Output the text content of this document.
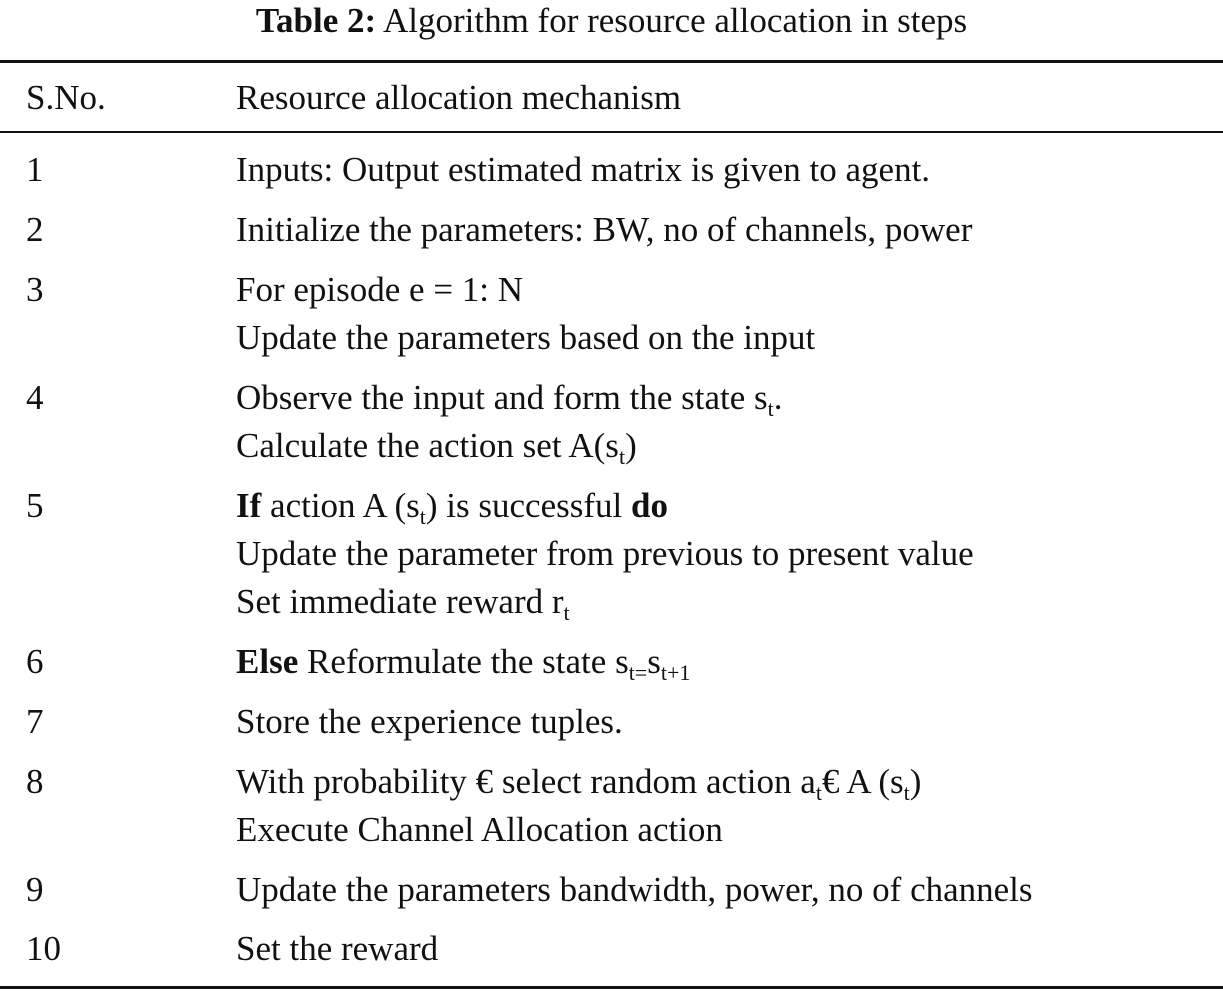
Table 2: Algorithm for resource allocation in steps
S.No.	Resource allocation mechanism
1	Inputs: Output estimated matrix is given to agent.
2	Initialize the parameters: BW, no of channels, power
3	For episode e = 1: N
Update the parameters based on the input
4	Observe the input and form the state $s_t$.
Calculate the action set $A(s_t)$
5	If action A $(s_t)$ is successful do
Update the parameter from previous to present value
Set immediate reward $r_t$
6	Else Reformulate the state $s_{t=}s_{t+1}$
7	Store the experience tuples.
8	With probability € select random action $a_t€$ A $(s_t)$
Execute Channel Allocation action
9	Update the parameters bandwidth, power, no of channels
10	Set the reward
